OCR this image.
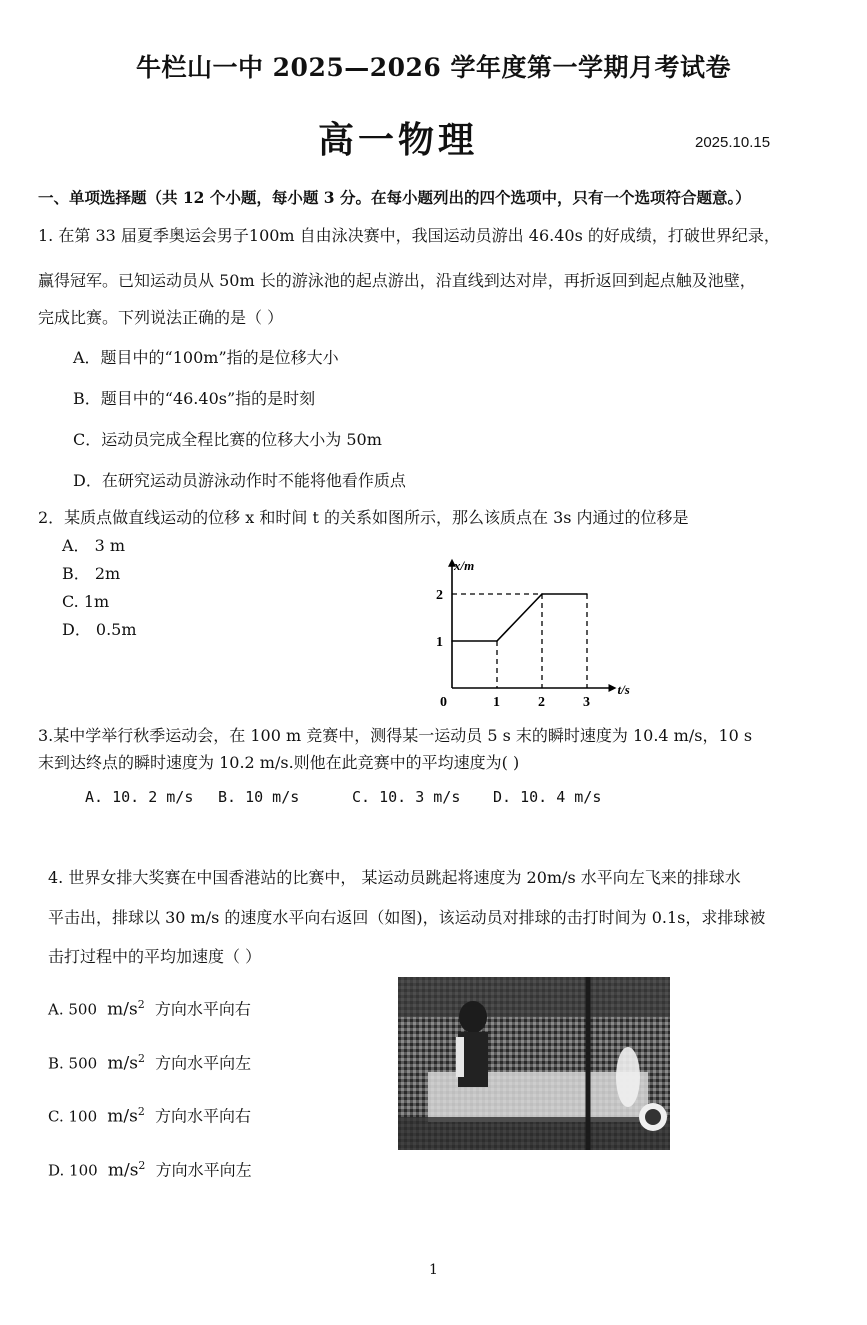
牛栏山一中 2025—2026 学年度第一学期月考试卷
高一物理	2025.10.15
一、单项选择题（共 12 个小题，每小题 3 分。在每小题列出的四个选项中，只有一个选项符合题意。）
1. 在第 33 届夏季奥运会男子100m 自由泳决赛中，我国运动员游出 46.40s 的好成绩，打破世界纪录，
赢得冠军。已知运动员从 50m 长的游泳池的起点游出，沿直线到达对岸，再折返回到起点触及池壁，
完成比赛。下列说法正确的是（ ）
A．题目中的“100m”指的是位移大小
B．题目中的“46.40s”指的是时刻
C．运动员完成全程比赛的位移大小为 50m
D．在研究运动员游泳动作时不能将他看作质点
2．某质点做直线运动的位移 x 和时间 t 的关系如图所示，那么该质点在 3s 内通过的位移是
A． 3 m
B． 2m
C. 1m
D． 0.5m
x/m
t/s
0	1	2	3
1
2
3.某中学举行秋季运动会，在 100 m 竞赛中，测得某一运动员 5 s 末的瞬时速度为 10.4 m/s，10 s
末到达终点的瞬时速度为 10.2 m/s.则他在此竞赛中的平均速度为( )
A. 10. 2 m/s B. 10 m/s	C. 10. 3 m/s D. 10. 4 m/s
4. 世界女排大奖赛在中国香港站的比赛中， 某运动员跳起将速度为 20m/s 水平向左飞来的排球水
平击出，排球以 30 m/s 的速度水平向右返回（如图)，该运动员对排球的击打时间为 0.1s，求排球被
击打过程中的平均加速度（ ）
A. 500 $m/s^2$ 方向水平向右
B. 500 $m/s^2$ 方向水平向左
C. 100 $m/s^2$ 方向水平向右
D. 100 $m/s^2$ 方向水平向左
1
